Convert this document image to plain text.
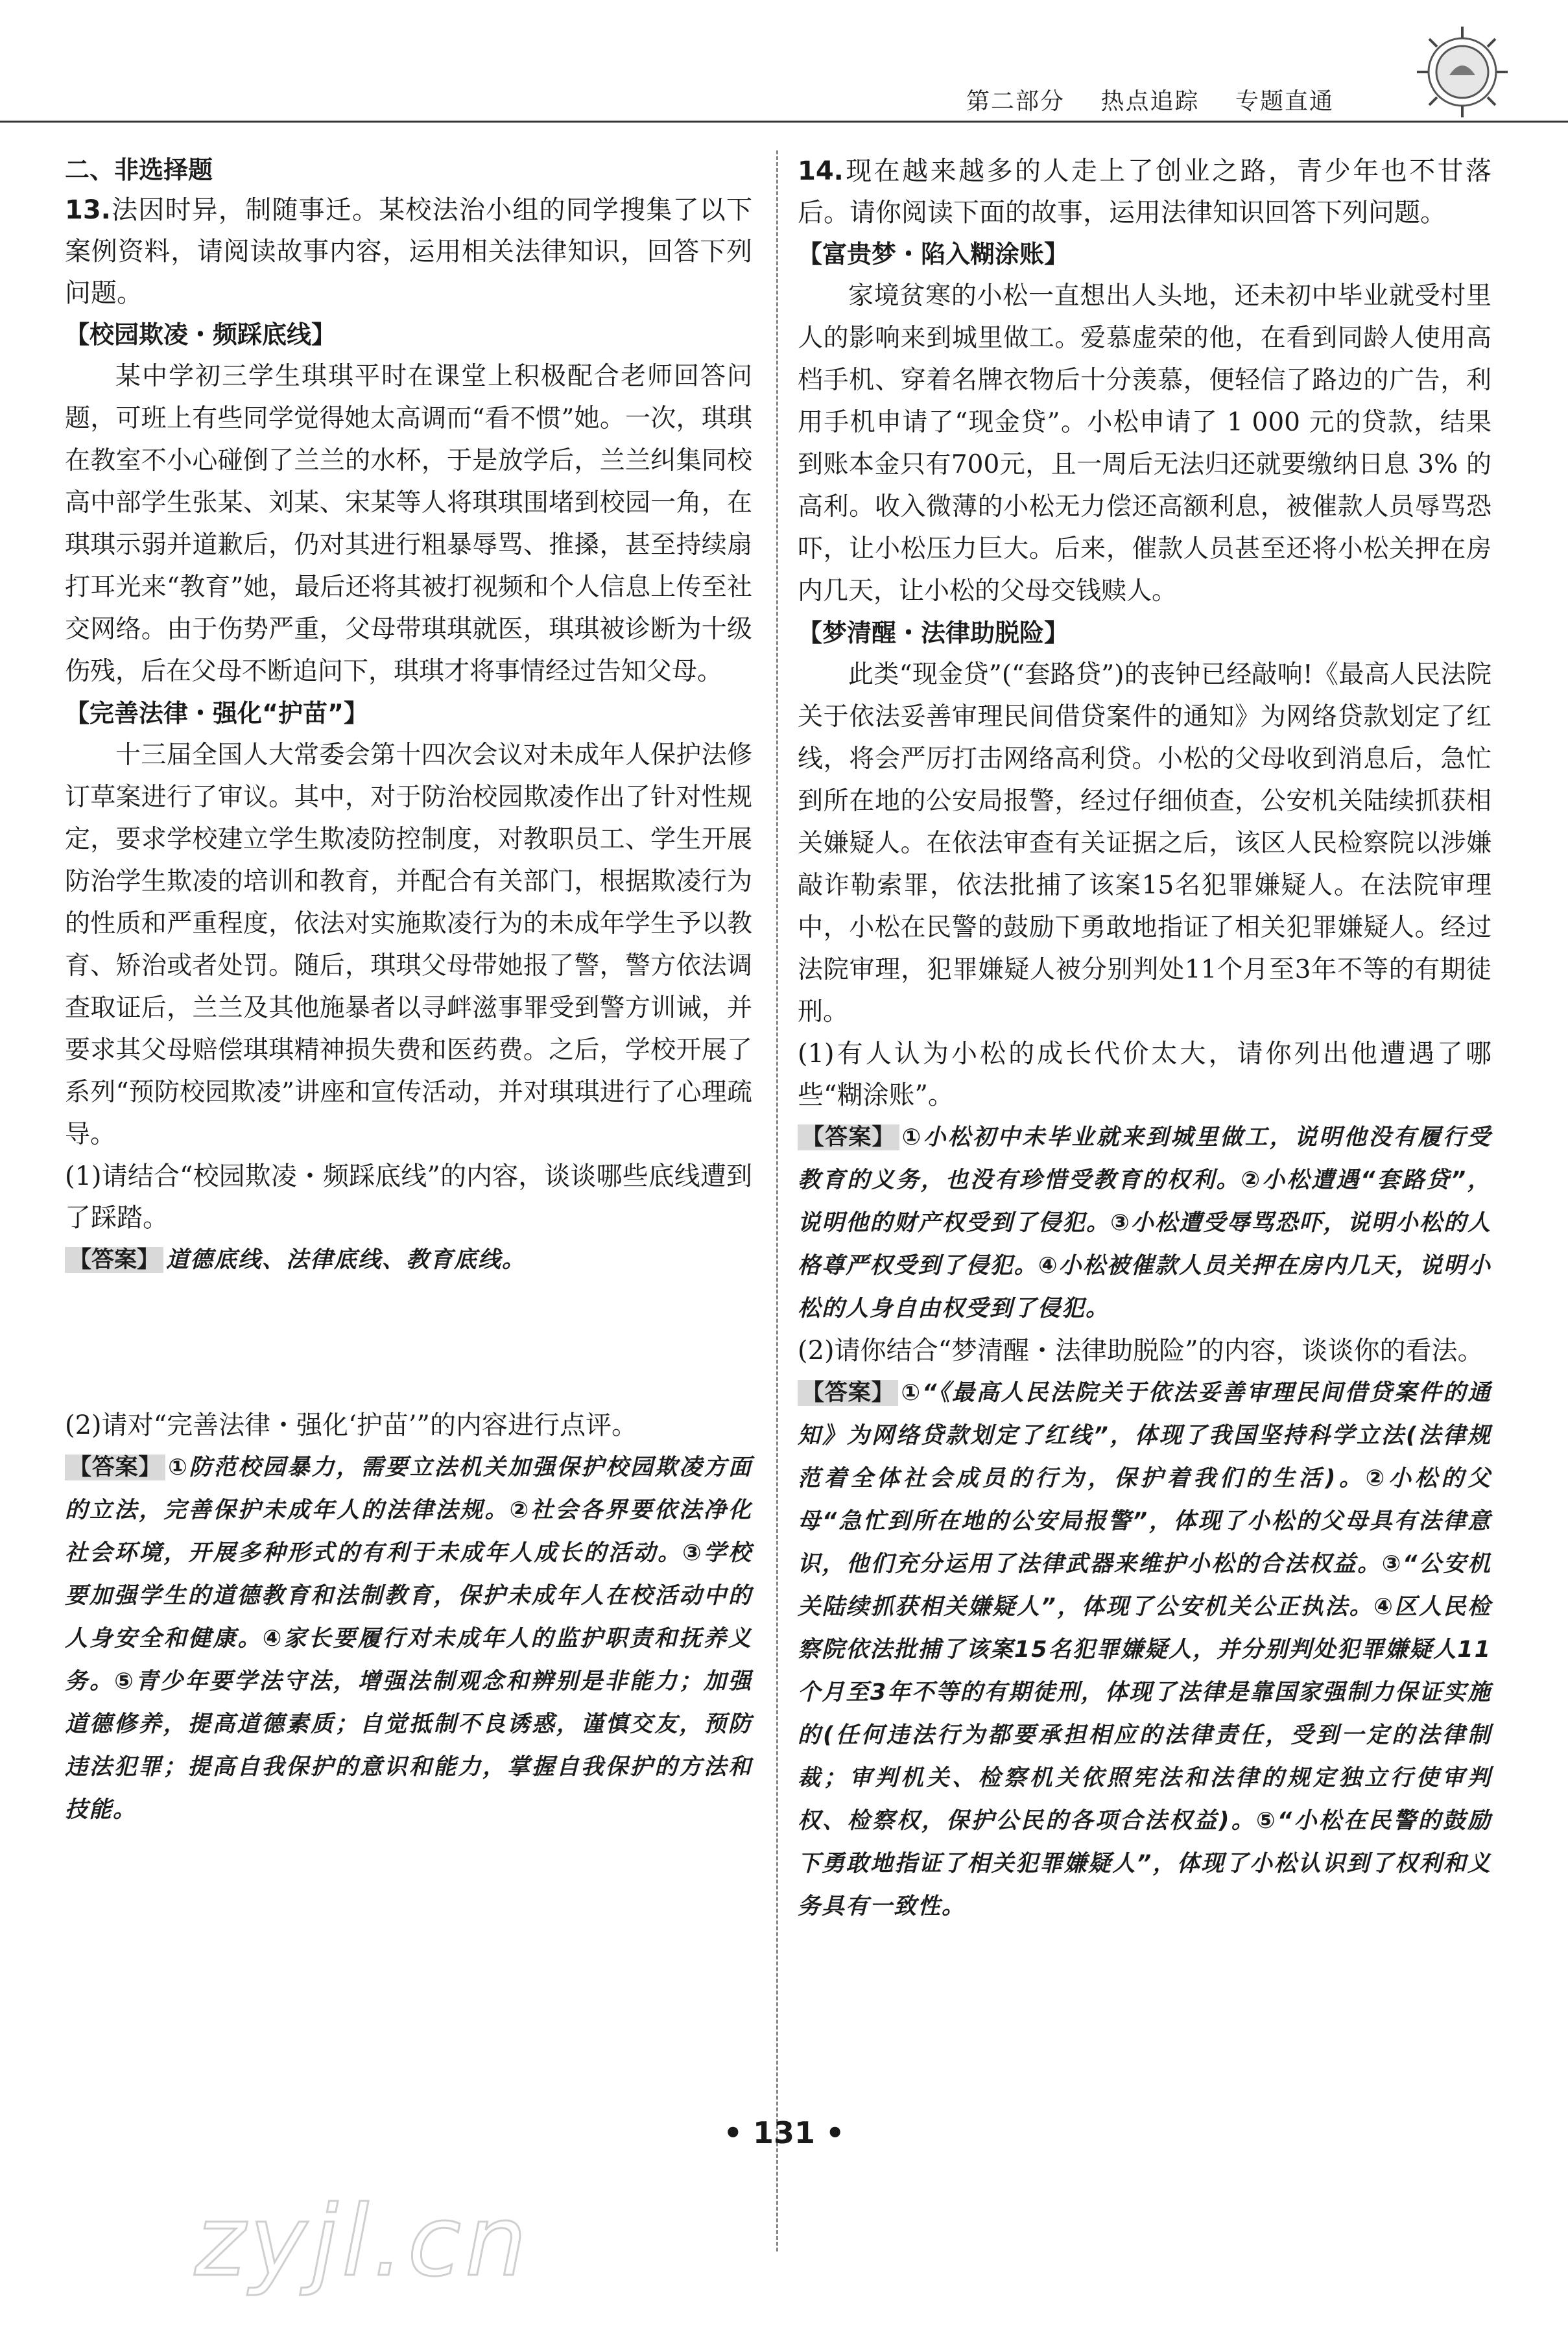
第二部分 热点追踪 专题直通

二、非选择题

13.法因时异，制随事迁。某校法治小组的同学搜集了以下案例资料，请阅读故事内容，运用相关法律知识，回答下列问题。

【校园欺凌・频踩底线】

某中学初三学生琪琪平时在课堂上积极配合老师回答问题，可班上有些同学觉得她太高调而“看不惯”她。一次，琪琪在教室不小心碰倒了兰兰的水杯，于是放学后，兰兰纠集同校高中部学生张某、刘某、宋某等人将琪琪围堵到校园一角，在琪琪示弱并道歉后，仍对其进行粗暴辱骂、推搡，甚至持续扇打耳光来“教育”她，最后还将其被打视频和个人信息上传至社交网络。由于伤势严重，父母带琪琪就医，琪琪被诊断为十级伤残，后在父母不断追问下，琪琪才将事情经过告知父母。

【完善法律・强化“护苗”】

十三届全国人大常委会第十四次会议对未成年人保护法修订草案进行了审议。其中，对于防治校园欺凌作出了针对性规定，要求学校建立学生欺凌防控制度，对教职员工、学生开展防治学生欺凌的培训和教育，并配合有关部门，根据欺凌行为的性质和严重程度，依法对实施欺凌行为的未成年学生予以教育、矫治或者处罚。随后，琪琪父母带她报了警，警方依法调查取证后，兰兰及其他施暴者以寻衅滋事罪受到警方训诫，并要求其父母赔偿琪琪精神损失费和医药费。之后，学校开展了系列“预防校园欺凌”讲座和宣传活动，并对琪琪进行了心理疏导。

(1)请结合“校园欺凌・频踩底线”的内容，谈谈哪些底线遭到了踩踏。

【答案】 道德底线、法律底线、教育底线。

(2)请对“完善法律・强化‘护苗’”的内容进行点评。

【答案】 ①防范校园暴力，需要立法机关加强保护校园欺凌方面的立法，完善保护未成年人的法律法规。②社会各界要依法净化社会环境，开展多种形式的有利于未成年人成长的活动。③学校要加强学生的道德教育和法制教育，保护未成年人在校活动中的人身安全和健康。④家长要履行对未成年人的监护职责和抚养义务。⑤青少年要学法守法，增强法制观念和辨别是非能力；加强道德修养，提高道德素质；自觉抵制不良诱惑，谨慎交友，预防违法犯罪；提高自我保护的意识和能力，掌握自我保护的方法和技能。

14.现在越来越多的人走上了创业之路，青少年也不甘落后。请你阅读下面的故事，运用法律知识回答下列问题。

【富贵梦・陷入糊涂账】

家境贫寒的小松一直想出人头地，还未初中毕业就受村里人的影响来到城里做工。爱慕虚荣的他，在看到同龄人使用高档手机、穿着名牌衣物后十分羡慕，便轻信了路边的广告，利用手机申请了“现金贷”。小松申请了 1 000 元的贷款，结果到账本金只有700元，且一周后无法归还就要缴纳日息 3% 的高利。收入微薄的小松无力偿还高额利息，被催款人员辱骂恐吓，让小松压力巨大。后来，催款人员甚至还将小松关押在房内几天，让小松的父母交钱赎人。

【梦清醒・法律助脱险】

此类“现金贷”(“套路贷”)的丧钟已经敲响!《最高人民法院关于依法妥善审理民间借贷案件的通知》为网络贷款划定了红线，将会严厉打击网络高利贷。小松的父母收到消息后，急忙到所在地的公安局报警，经过仔细侦查，公安机关陆续抓获相关嫌疑人。在依法审查有关证据之后，该区人民检察院以涉嫌敲诈勒索罪，依法批捕了该案15名犯罪嫌疑人。在法院审理中，小松在民警的鼓励下勇敢地指证了相关犯罪嫌疑人。经过法院审理，犯罪嫌疑人被分别判处11个月至3年不等的有期徒刑。

(1)有人认为小松的成长代价太大，请你列出他遭遇了哪些“糊涂账”。

【答案】 ①小松初中未毕业就来到城里做工，说明他没有履行受教育的义务，也没有珍惜受教育的权利。②小松遭遇“套路贷”，说明他的财产权受到了侵犯。③小松遭受辱骂恐吓，说明小松的人格尊严权受到了侵犯。④小松被催款人员关押在房内几天，说明小松的人身自由权受到了侵犯。

(2)请你结合“梦清醒・法律助脱险”的内容，谈谈你的看法。

【答案】 ①“《最高人民法院关于依法妥善审理民间借贷案件的通知》为网络贷款划定了红线”，体现了我国坚持科学立法(法律规范着全体社会成员的行为，保护着我们的生活)。②小松的父母“急忙到所在地的公安局报警”，体现了小松的父母具有法律意识，他们充分运用了法律武器来维护小松的合法权益。③“公安机关陆续抓获相关嫌疑人”，体现了公安机关公正执法。④区人民检察院依法批捕了该案15名犯罪嫌疑人，并分别判处犯罪嫌疑人11个月至3年不等的有期徒刑，体现了法律是靠国家强制力保证实施的(任何违法行为都要承担相应的法律责任，受到一定的法律制裁；审判机关、检察机关依照宪法和法律的规定独立行使审判权、检察权，保护公民的各项合法权益)。⑤“小松在民警的鼓励下勇敢地指证了相关犯罪嫌疑人”，体现了小松认识到了权利和义务具有一致性。

• 131 •
zyjl.cn
